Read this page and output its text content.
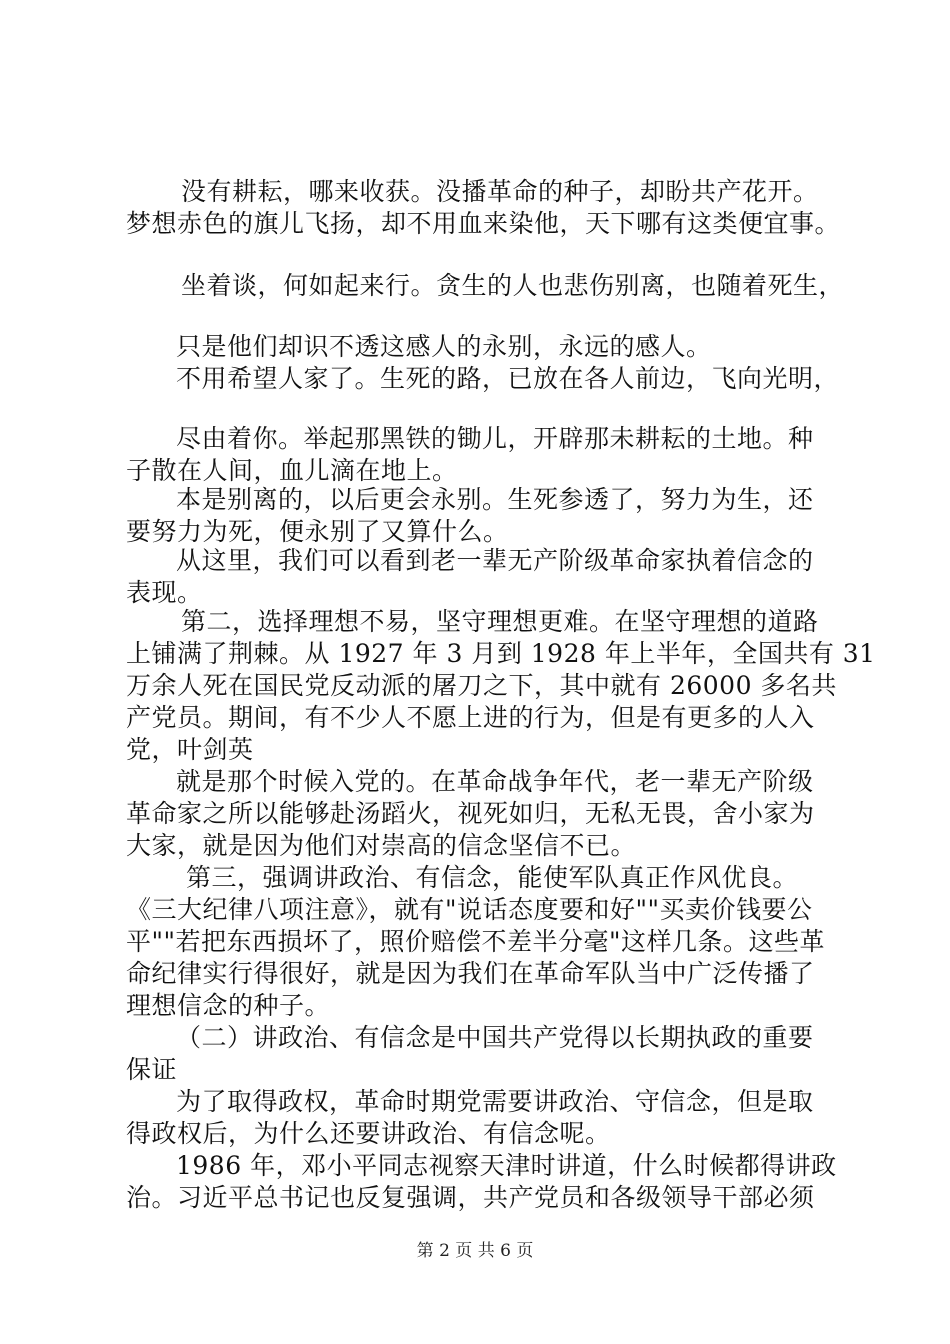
没有耕耘，哪来收获。没播革命的种子，却盼共产花开。
梦想赤色的旗儿飞扬，却不用血来染他，天下哪有这类便宜事。
坐着谈，何如起来行。贪生的人也悲伤别离，也随着死生，
只是他们却识不透这感人的永别，永远的感人。
不用希望人家了。生死的路，已放在各人前边，飞向光明，
尽由着你。举起那黑铁的锄儿，开辟那未耕耘的土地。种
子散在人间，血儿滴在地上。
本是别离的，以后更会永别。生死参透了，努力为生，还
要努力为死，便永别了又算什么。
从这里，我们可以看到老一辈无产阶级革命家执着信念的
表现。
第二，选择理想不易，坚守理想更难。在坚守理想的道路
上铺满了荆棘。从 1927 年 3 月到 1928 年上半年，全国共有 31
万余人死在国民党反动派的屠刀之下，其中就有 26000 多名共
产党员。期间，有不少人不愿上进的行为，但是有更多的人入
党，叶剑英
就是那个时候入党的。在革命战争年代，老一辈无产阶级
革命家之所以能够赴汤蹈火，视死如归，无私无畏，舍小家为
大家，就是因为他们对崇高的信念坚信不已。
第三，强调讲政治、有信念，能使军队真正作风优良。
《三大纪律八项注意》，就有"说话态度要和好""买卖价钱要公
平""若把东西损坏了，照价赔偿不差半分毫"这样几条。这些革
命纪律实行得很好，就是因为我们在革命军队当中广泛传播了
理想信念的种子。
（二）讲政治、有信念是中国共产党得以长期执政的重要
保证
为了取得政权，革命时期党需要讲政治、守信念，但是取
得政权后，为什么还要讲政治、有信念呢。
1986 年，邓小平同志视察天津时讲道，什么时候都得讲政
治。习近平总书记也反复强调，共产党员和各级领导干部必须
第 2 页 共 6 页
